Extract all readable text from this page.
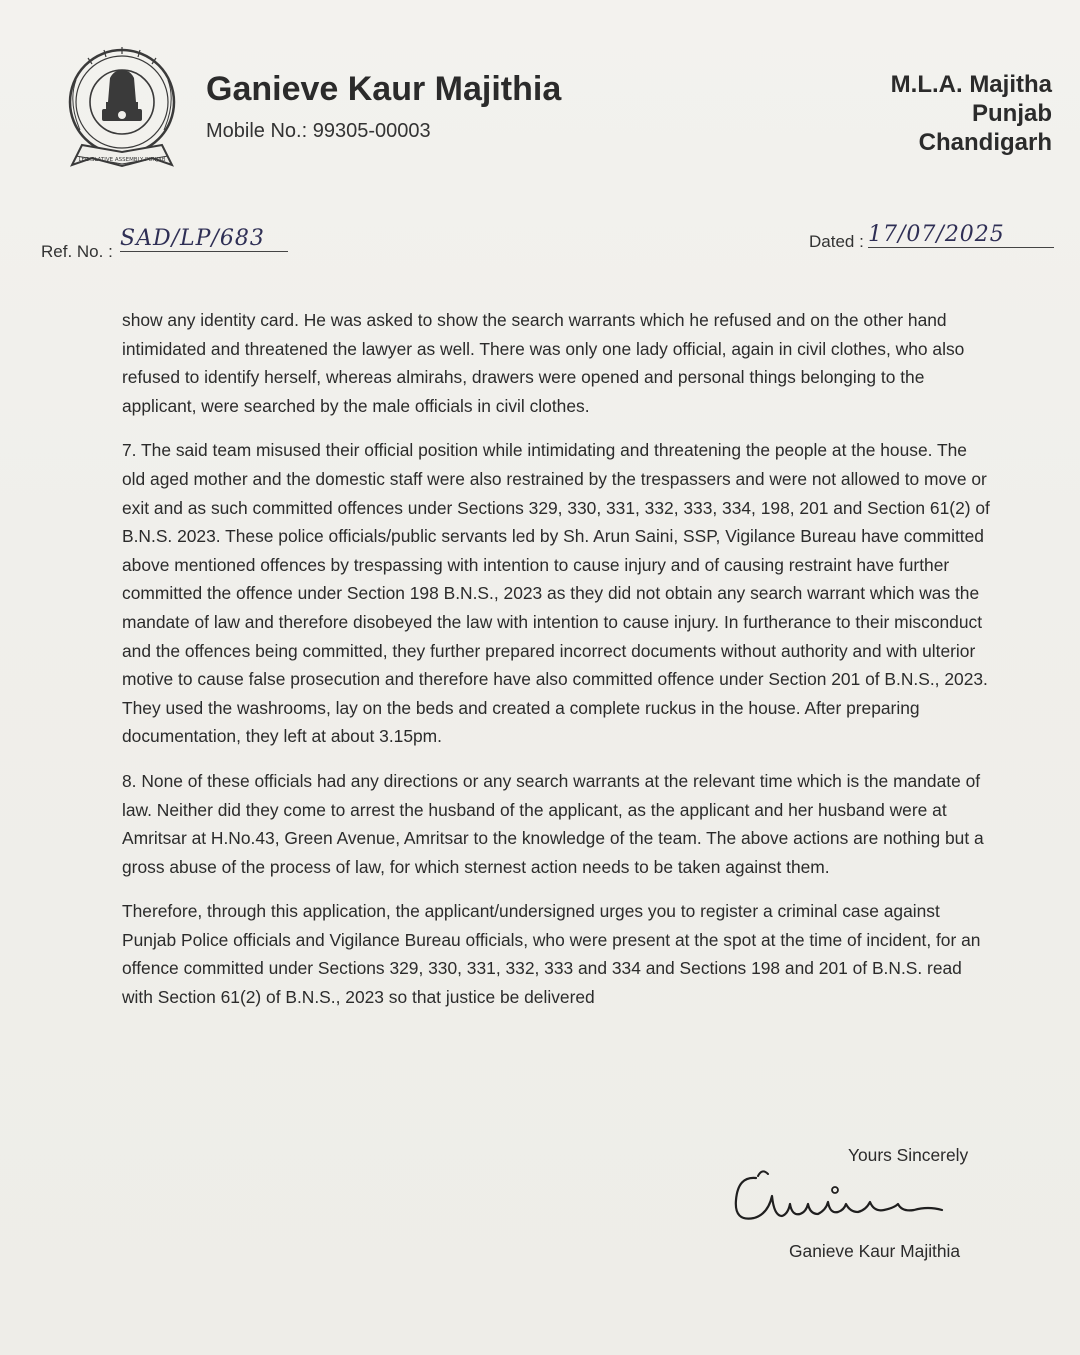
LEGISLATIVE ASSEMBLY PUNJAB
Ganieve Kaur Majithia
Mobile No.: 99305-00003
M.L.A. Majitha
Punjab
Chandigarh
Ref. No. :
SAD/LP/683	Dated : 17/07/2025

show any identity card. He was asked to show the search warrants which he refused and on the other hand intimidated and threatened the lawyer as well. There was only one lady official, again in civil clothes, who also refused to identify herself, whereas almirahs, drawers were opened and personal things belonging to the applicant, were searched by the male officials in civil clothes.

7. The said team misused their official position while intimidating and threatening the people at the house. The old aged mother and the domestic staff were also restrained by the trespassers and were not allowed to move or exit and as such committed offences under Sections 329, 330, 331, 332, 333, 334, 198, 201 and Section 61(2) of B.N.S. 2023. These police officials/public servants led by Sh. Arun Saini, SSP, Vigilance Bureau have committed above mentioned offences by trespassing with intention to cause injury and of causing restraint have further committed the offence under Section 198 B.N.S., 2023 as they did not obtain any search warrant which was the mandate of law and therefore disobeyed the law with intention to cause injury. In furtherance to their misconduct and the offences being committed, they further prepared incorrect documents without authority and with ulterior motive to cause false prosecution and therefore have also committed offence under Section 201 of B.N.S., 2023. They used the washrooms, lay on the beds and created a complete ruckus in the house. After preparing documentation, they left at about 3.15pm.

8. None of these officials had any directions or any search warrants at the relevant time which is the mandate of law. Neither did they come to arrest the husband of the applicant, as the applicant and her husband were at Amritsar at H.No.43, Green Avenue, Amritsar to the knowledge of the team. The above actions are nothing but a gross abuse of the process of law, for which sternest action needs to be taken against them.

Therefore, through this application, the applicant/undersigned urges you to register a criminal case against Punjab Police officials and Vigilance Bureau officials, who were present at the spot at the time of incident, for an offence committed under Sections 329, 330, 331, 332, 333 and 334 and Sections 198 and 201 of B.N.S. read with Section 61(2) of B.N.S., 2023 so that justice be delivered

Yours Sincerely
Ganieve Kaur Majithia
